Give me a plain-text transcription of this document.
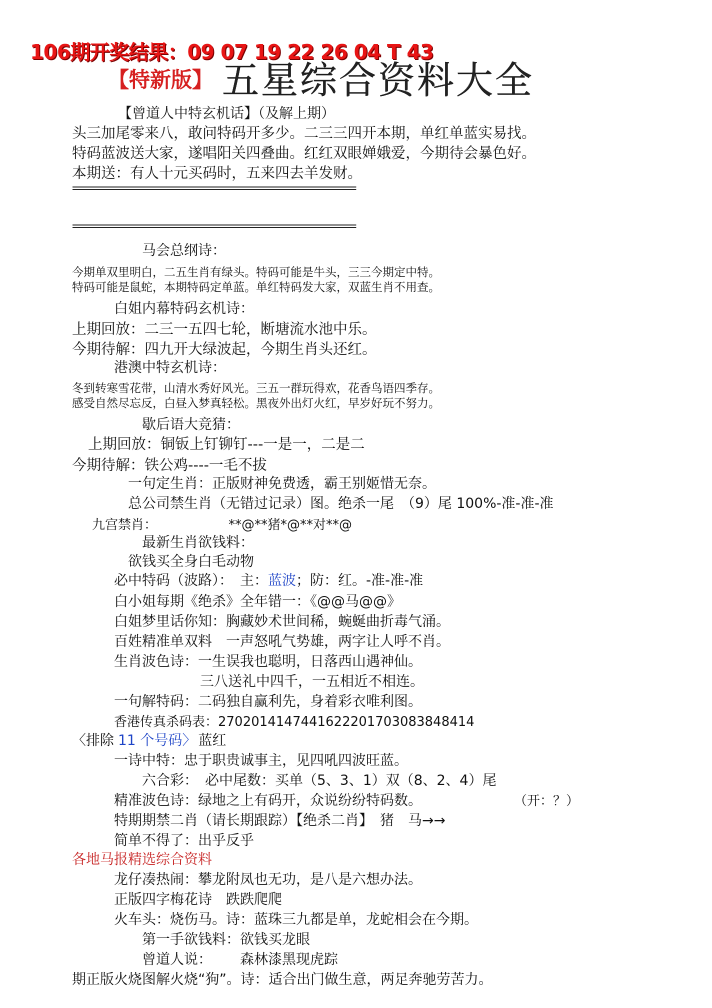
106期开奖结果：09 07 19 22 26 04 T 43
【特新版】 五星综合资料大全
【曾道人中特玄机话】（及解上期）
头三加尾零来八，敢问特码开多少。二三三四开本期，单红单蓝实易找。
特码蓝波送大家，遂唱阳关四叠曲。红红双眼婵娥爱，今期待会暴色好。
本期送：有人十元买码时，五来四去羊发财。
=============================================================
=============================================================
马会总纲诗：
今期单双里明白，二五生肖有绿头。特码可能是牛头，三三今期定中特。
特码可能是鼠蛇，本期特码定单蓝。单红特码发大家，双蓝生肖不用查。
白姐内幕特码玄机诗：
上期回放：二三一五四七轮，断塘流水池中乐。
今期待解：四九开大绿波起，今期生肖头还红。
港澳中特玄机诗：
冬到转寒雪花带，山清水秀好风光。三五一群玩得欢，花香鸟语四季存。
感受自然尽忘反，白昼入梦真轻松。黑夜外出灯火红，早岁好玩不努力。
歇后语大竞猜：
上期回放：铜钣上钉铆钉---一是一，二是二
今期待解：铁公鸡----一毛不拔
一句定生肖：正版财神免费透，霸王别姬惜无奈。
总公司禁生肖（无错过记录）图。绝杀一尾　（9）尾 100%-准-准-准
九宫禁肖：　　　　　　**@**猪*@**对**@
最新生肖欲钱料：
欲钱买全身白毛动物
必中特码（波路）：　主：蓝波；防：红。-准-准-准
白小姐每期《绝杀》全年错一：《@@马@@》
白姐梦里话你知：胸藏妙术世间稀，蜿蜒曲折毒气涌。
百姓精准单双料　一声怒吼气势雄，两字让人呼不肖。
生肖波色诗：一生误我也聪明，日落西山遇神仙。
三八送礼中四千，一五相近不相连。
一句解特码：二码独自赢利先，身着彩衣唯利图。
香港传真杀码表：27020141474416222017030838484​14
〈排除 11 个号码〉 蓝红
一诗中特：忠于职贵诚事主，见四吼四波旺蓝。
六合彩：　必中尾数：买单（5、3、1）双（8、2、4）尾
精准波色诗：绿地之上有码开，众说纷纷特码数。	（开：？）
特期期禁二肖（请长期跟踪）【绝杀二肖】　猪　马→→
简单不得了：出乎反乎
各地马报精选综合资料
龙仔凑热闹：攀龙附凤也无功，是八是六想办法。
正版四字梅花诗　跌跌爬爬
火车头：烧伤马。诗：蓝珠三九都是单，龙蛇相会在今期。
第一手欲钱料：欲钱买龙眼
曾道人说： 森林漆黑现虎踪
期正版火烧图解火烧“狗”。诗：适合出门做生意，两足奔驰劳苦力。
